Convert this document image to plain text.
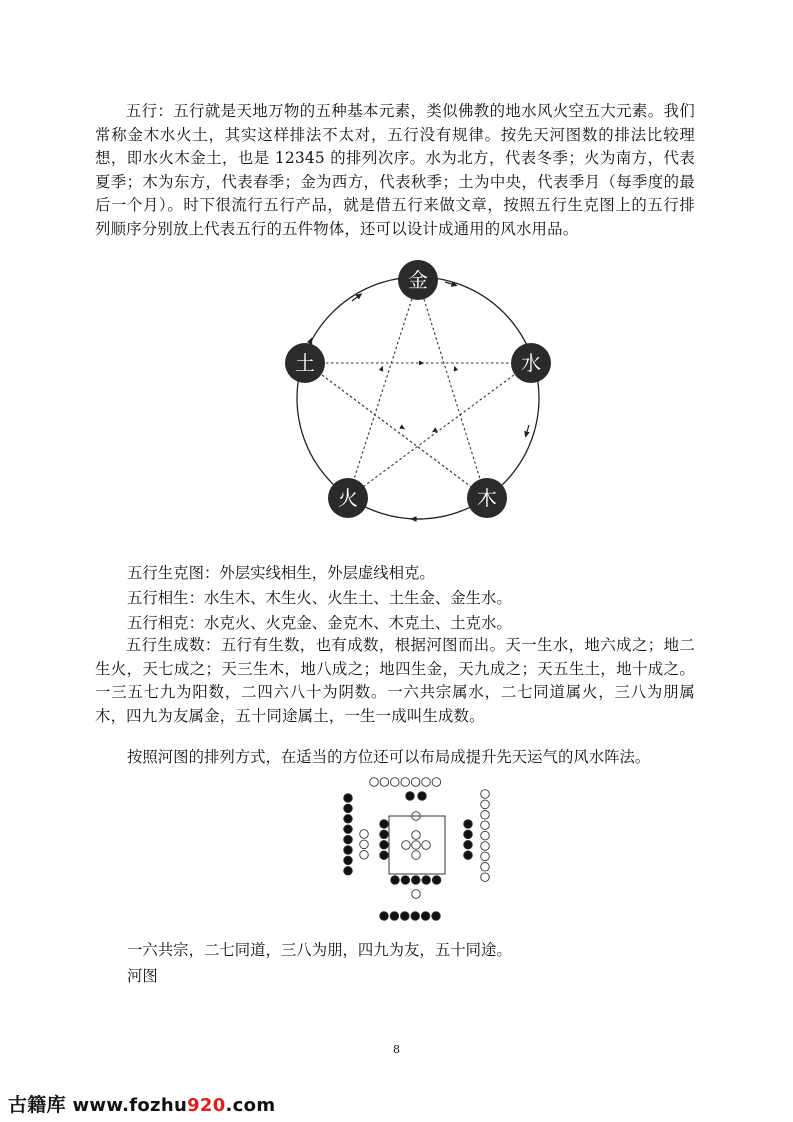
五行：五行就是天地万物的五种基本元素，类似佛教的地水风火空五大元素。我们常称金木水火土，其实这样排法不太对，五行没有规律。按先天河图数的排法比较理想，即水火木金土，也是 12345 的排列次序。水为北方，代表冬季；火为南方，代表夏季；木为东方，代表春季；金为西方，代表秋季；土为中央，代表季月（每季度的最后一个月）。时下很流行五行产品，就是借五行来做文章，按照五行生克图上的五行排列顺序分别放上代表五行的五件物体，还可以设计成通用的风水用品。

金
水
木
火
土

五行生克图：外层实线相生，外层虚线相克。

五行相生：水生木、木生火、火生土、土生金、金生水。

五行相克：水克火、火克金、金克木、木克土、土克水。

五行生成数：五行有生数，也有成数，根据河图而出。天一生水，地六成之；地二生火，天七成之；天三生木，地八成之；地四生金，天九成之；天五生土，地十成之。一三五七九为阳数，二四六八十为阴数。一六共宗属水，二七同道属火，三八为朋属木，四九为友属金，五十同途属土，一生一成叫生成数。

按照河图的排列方式，在适当的方位还可以布局成提升先天运气的风水阵法。

一六共宗，二七同道，三八为朋，四九为友，五十同途。

河图

8
古籍库 www.fozhu920.com
